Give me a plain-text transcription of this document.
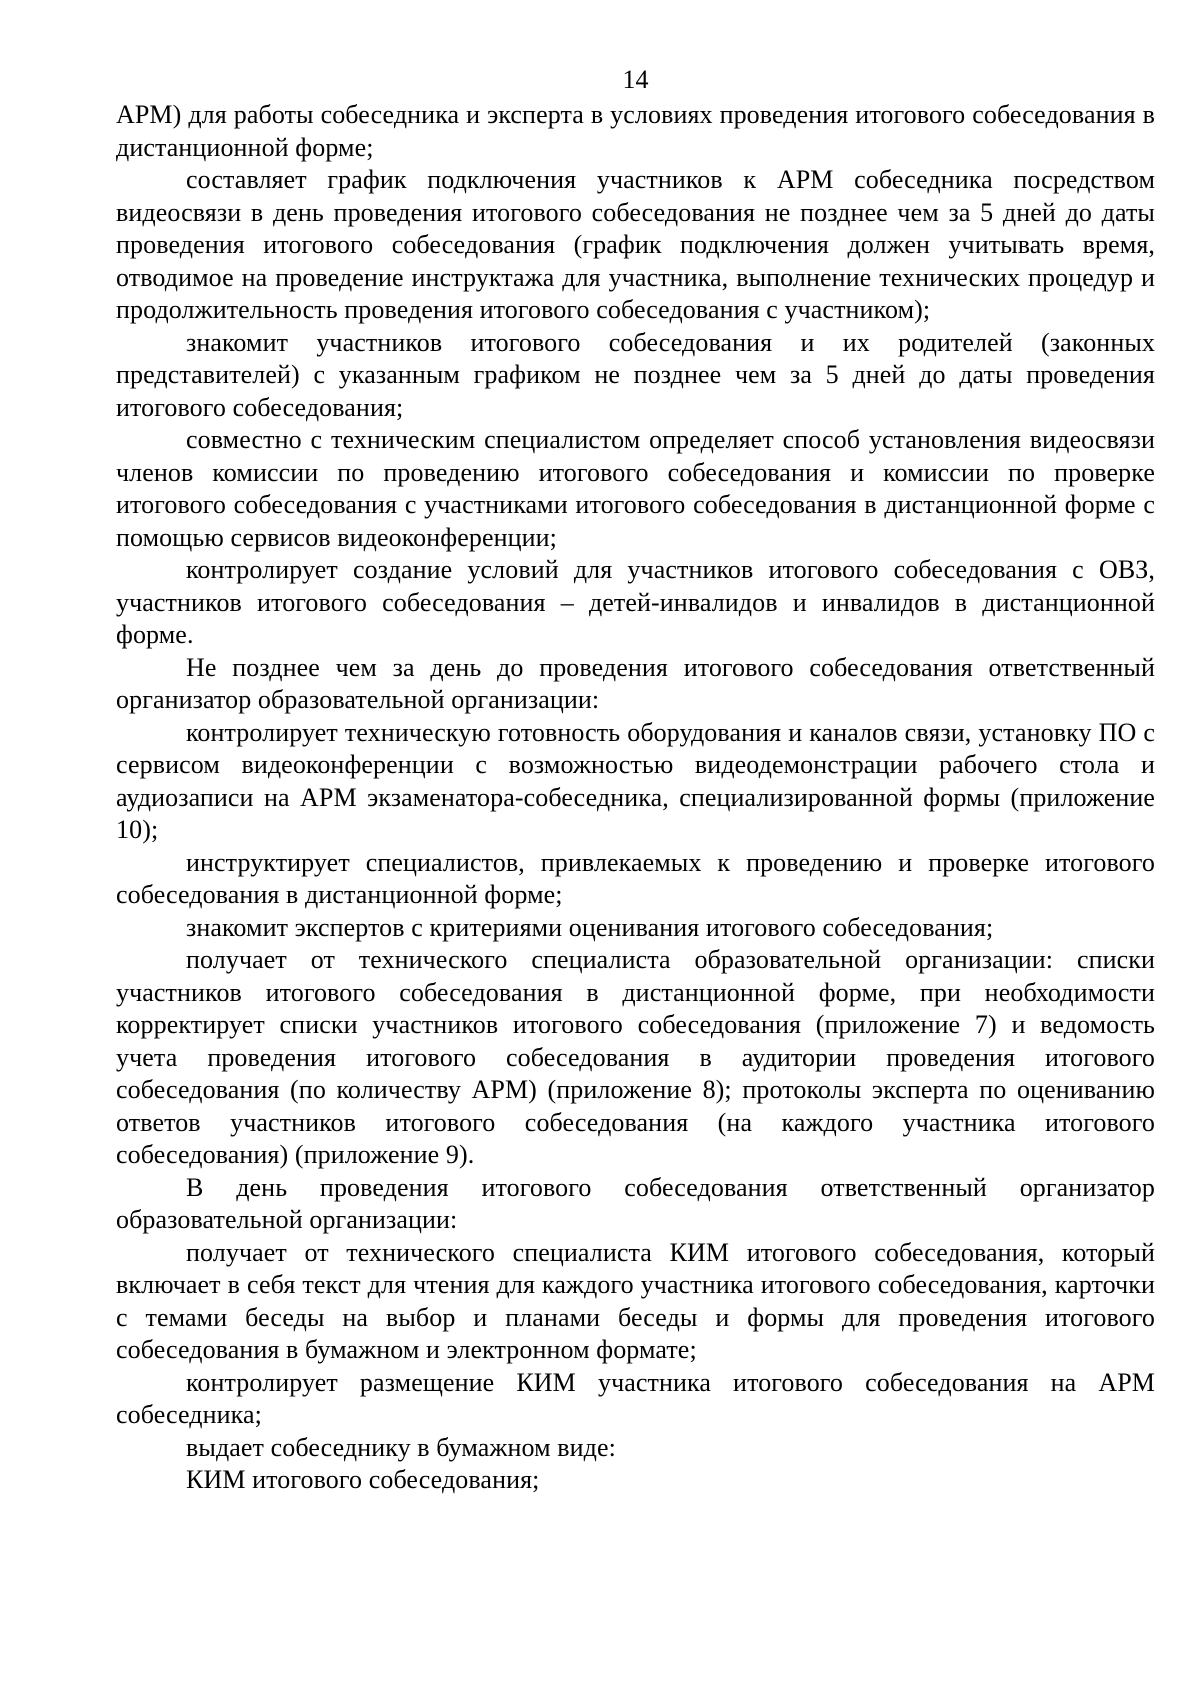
14

АРМ) для работы собеседника и эксперта в условиях проведения итогового собеседования в дистанционной форме;

составляет график подключения участников к АРМ собеседника посредством видеосвязи в день проведения итогового собеседования не позднее чем за 5 дней до даты проведения итогового собеседования (график подключения должен учитывать время, отводимое на проведение инструктажа для участника, выполнение технических процедур и продолжительность проведения итогового собеседования с участником);

знакомит участников итогового собеседования и их родителей (законных представителей) с указанным графиком не позднее чем за 5 дней до даты проведения итогового собеседования;

совместно с техническим специалистом определяет способ установления видеосвязи членов комиссии по проведению итогового собеседования и комиссии по проверке итогового собеседования с участниками итогового собеседования в дистанционной форме с помощью сервисов видеоконференции;

контролирует создание условий для участников итогового собеседования с ОВЗ, участников итогового собеседования – детей-инвалидов и инвалидов в дистанционной форме.

Не позднее чем за день до проведения итогового собеседования ответственный организатор образовательной организации:

контролирует техническую готовность оборудования и каналов связи, установку ПО с сервисом видеоконференции с возможностью видеодемонстрации рабочего стола и аудиозаписи на АРМ экзаменатора-собеседника, специализированной формы (приложение 10);

инструктирует специалистов, привлекаемых к проведению и проверке итогового собеседования в дистанционной форме;

знакомит экспертов с критериями оценивания итогового собеседования;

получает от технического специалиста образовательной организации: списки участников итогового собеседования в дистанционной форме, при необходимости корректирует списки участников итогового собеседования (приложение 7) и ведомость учета проведения итогового собеседования в аудитории проведения итогового собеседования (по количеству АРМ) (приложение 8); протоколы эксперта по оцениванию ответов участников итогового собеседования (на каждого участника итогового собеседования) (приложение 9).

В день проведения итогового собеседования ответственный организатор образовательной организации:

получает от технического специалиста КИМ итогового собеседования, который включает в себя текст для чтения для каждого участника итогового собеседования, карточки с темами беседы на выбор и планами беседы и формы для проведения итогового собеседования в бумажном и электронном формате;

контролирует размещение КИМ участника итогового собеседования на АРМ собеседника;

выдает собеседнику в бумажном виде:

КИМ итогового собеседования;
